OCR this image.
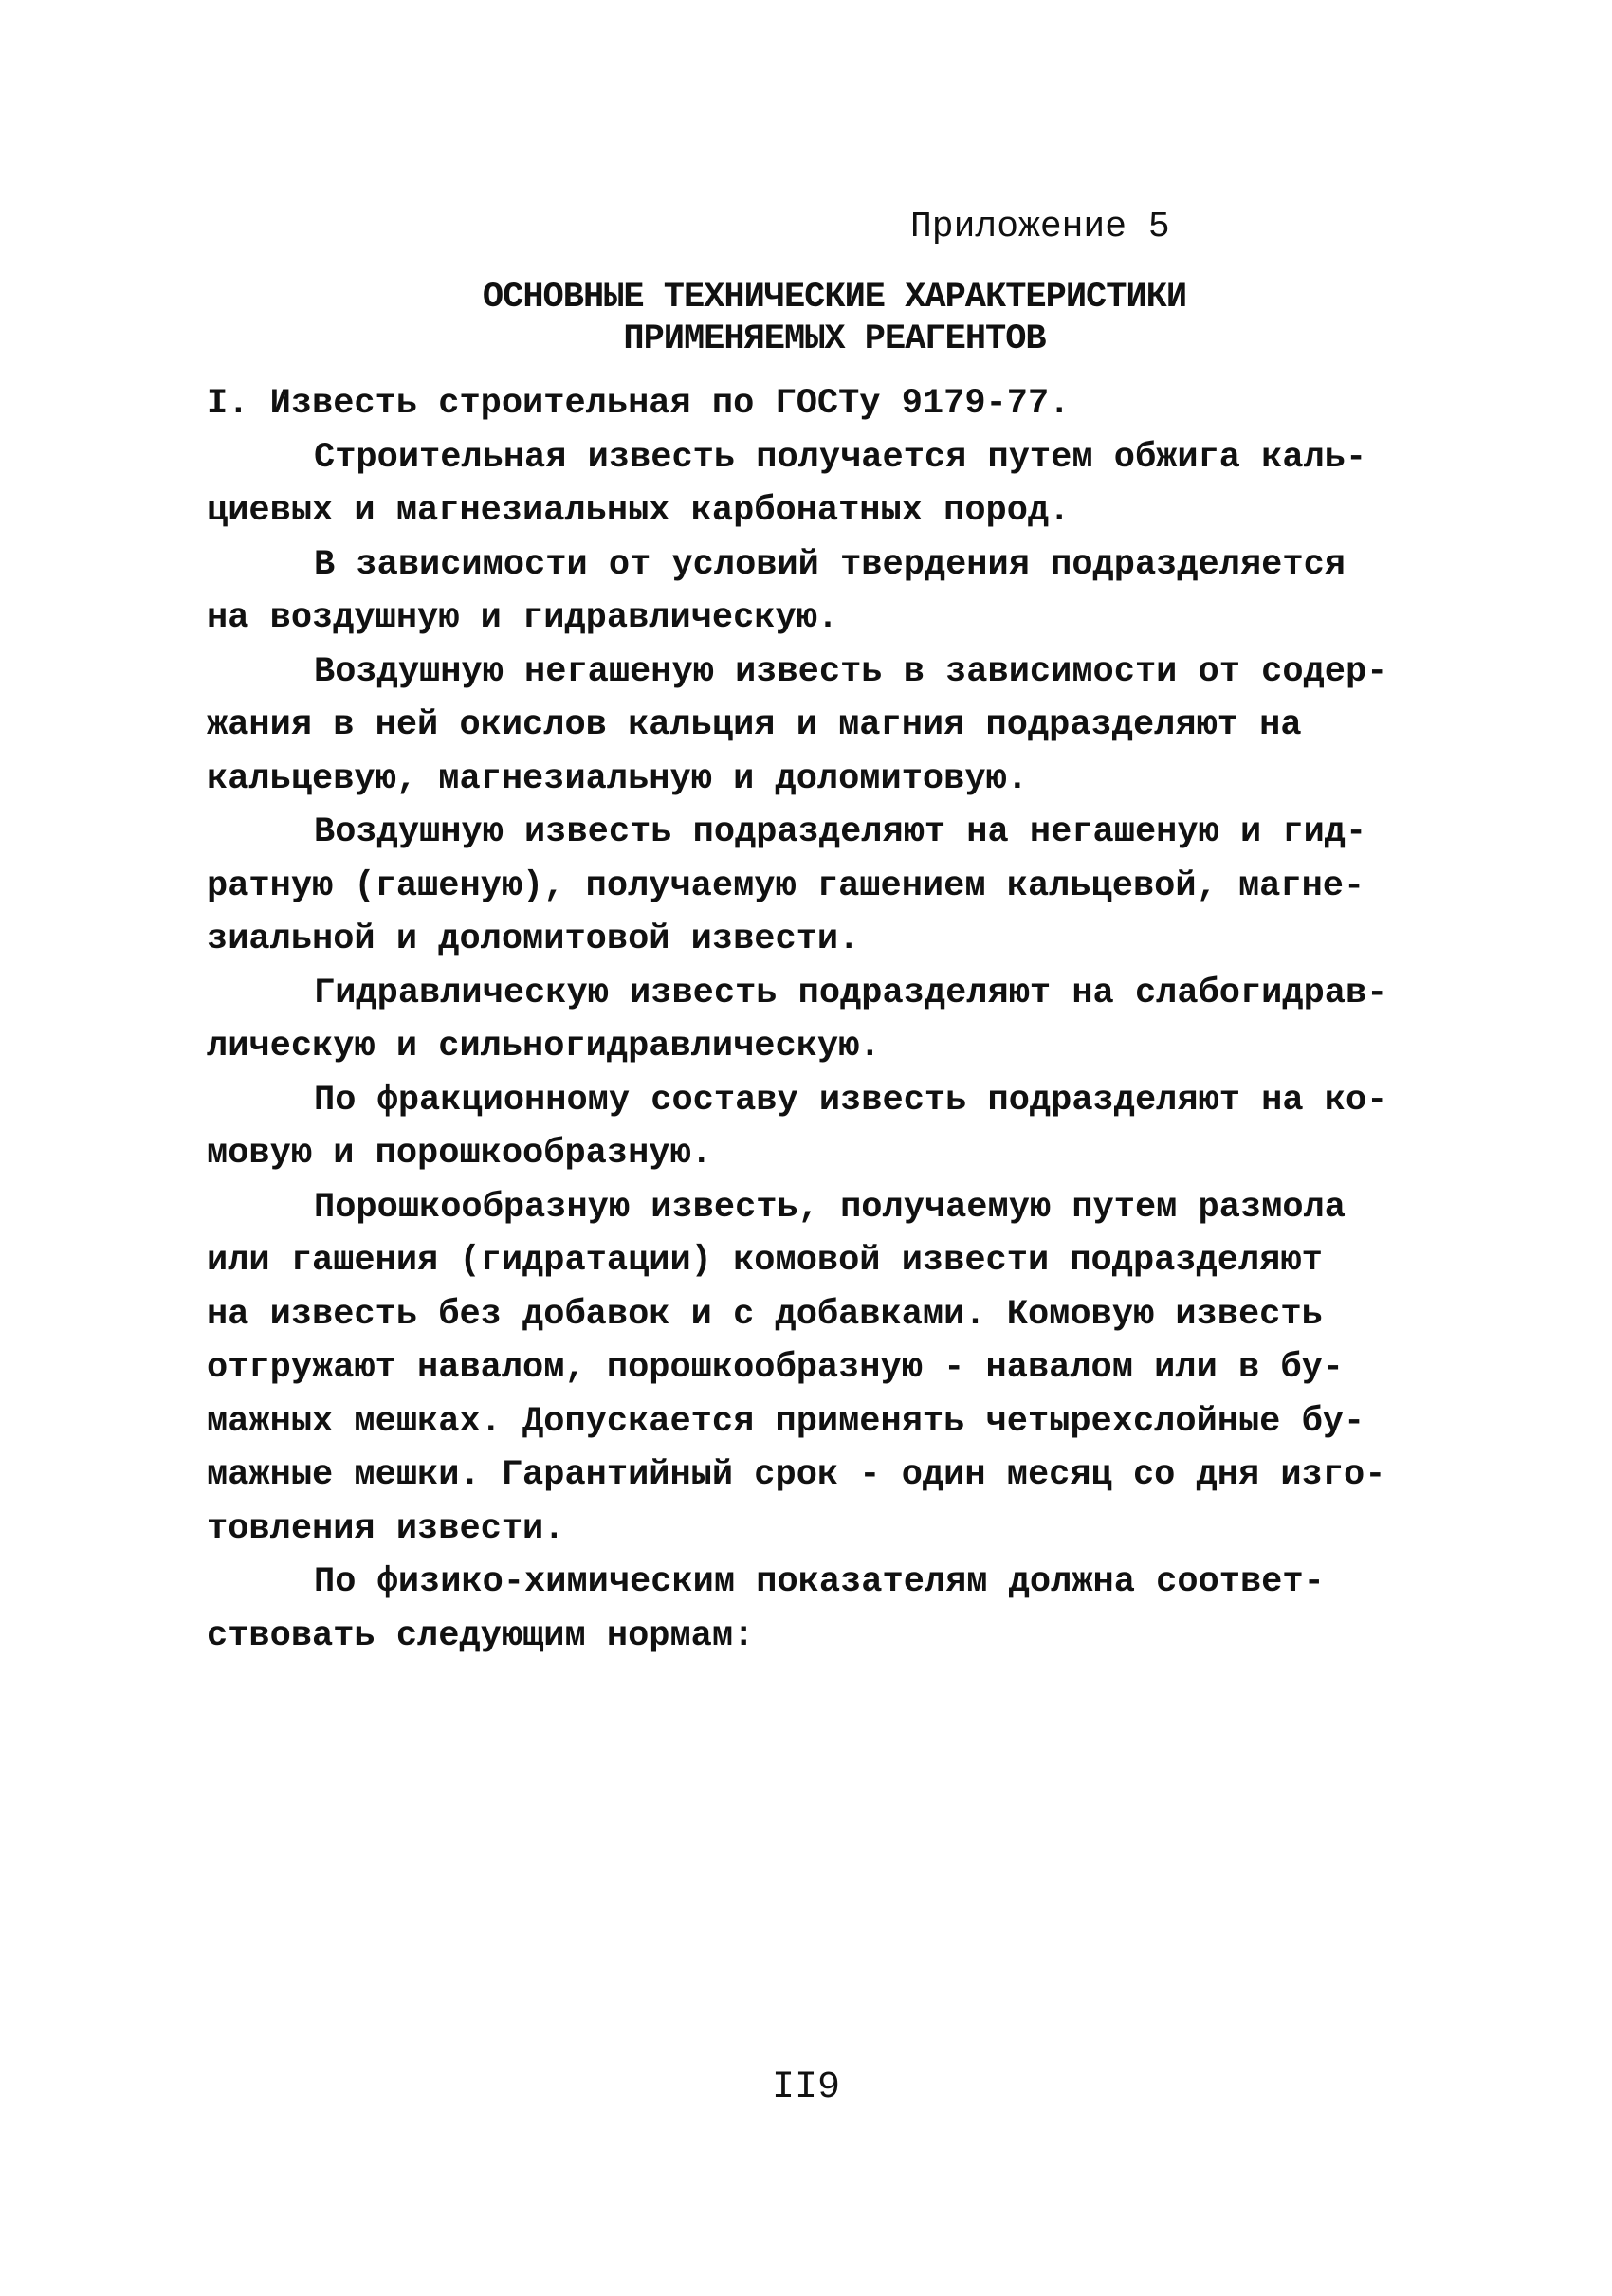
Приложение 5
ОСНОВНЫЕ ТЕХНИЧЕСКИЕ ХАРАКТЕРИСТИКИ
ПРИМЕНЯЕМЫХ РЕАГЕНТОВ
I. Известь строительная по ГОСТу 9179-77.
Строительная известь получается путем обжига каль-
циевых и магнезиальных карбонатных пород.
В зависимости от условий твердения подразделяется
на воздушную и гидравлическую.
Воздушную негашеную известь в зависимости от содер-
жания в ней окислов кальция и магния подразделяют на
кальцевую, магнезиальную и доломитовую.
Воздушную известь подразделяют на негашеную и гид-
ратную (гашеную), получаемую гашением кальцевой, магне-
зиальной и доломитовой извести.
Гидравлическую известь подразделяют на слабогидрав-
лическую и сильногидравлическую.
По фракционному составу известь подразделяют на ко-
мовую и порошкообразную.
Порошкообразную известь, получаемую путем размола
или гашения (гидратации) комовой извести подразделяют
на известь без добавок и с добавками. Комовую известь
отгружают навалом, порошкообразную - навалом или в бу-
мажных мешках. Допускается применять четырехслойные бу-
мажные мешки. Гарантийный срок - один месяц со дня изго-
товления извести.
По физико-химическим показателям должна соответ-
ствовать следующим нормам:
II9
